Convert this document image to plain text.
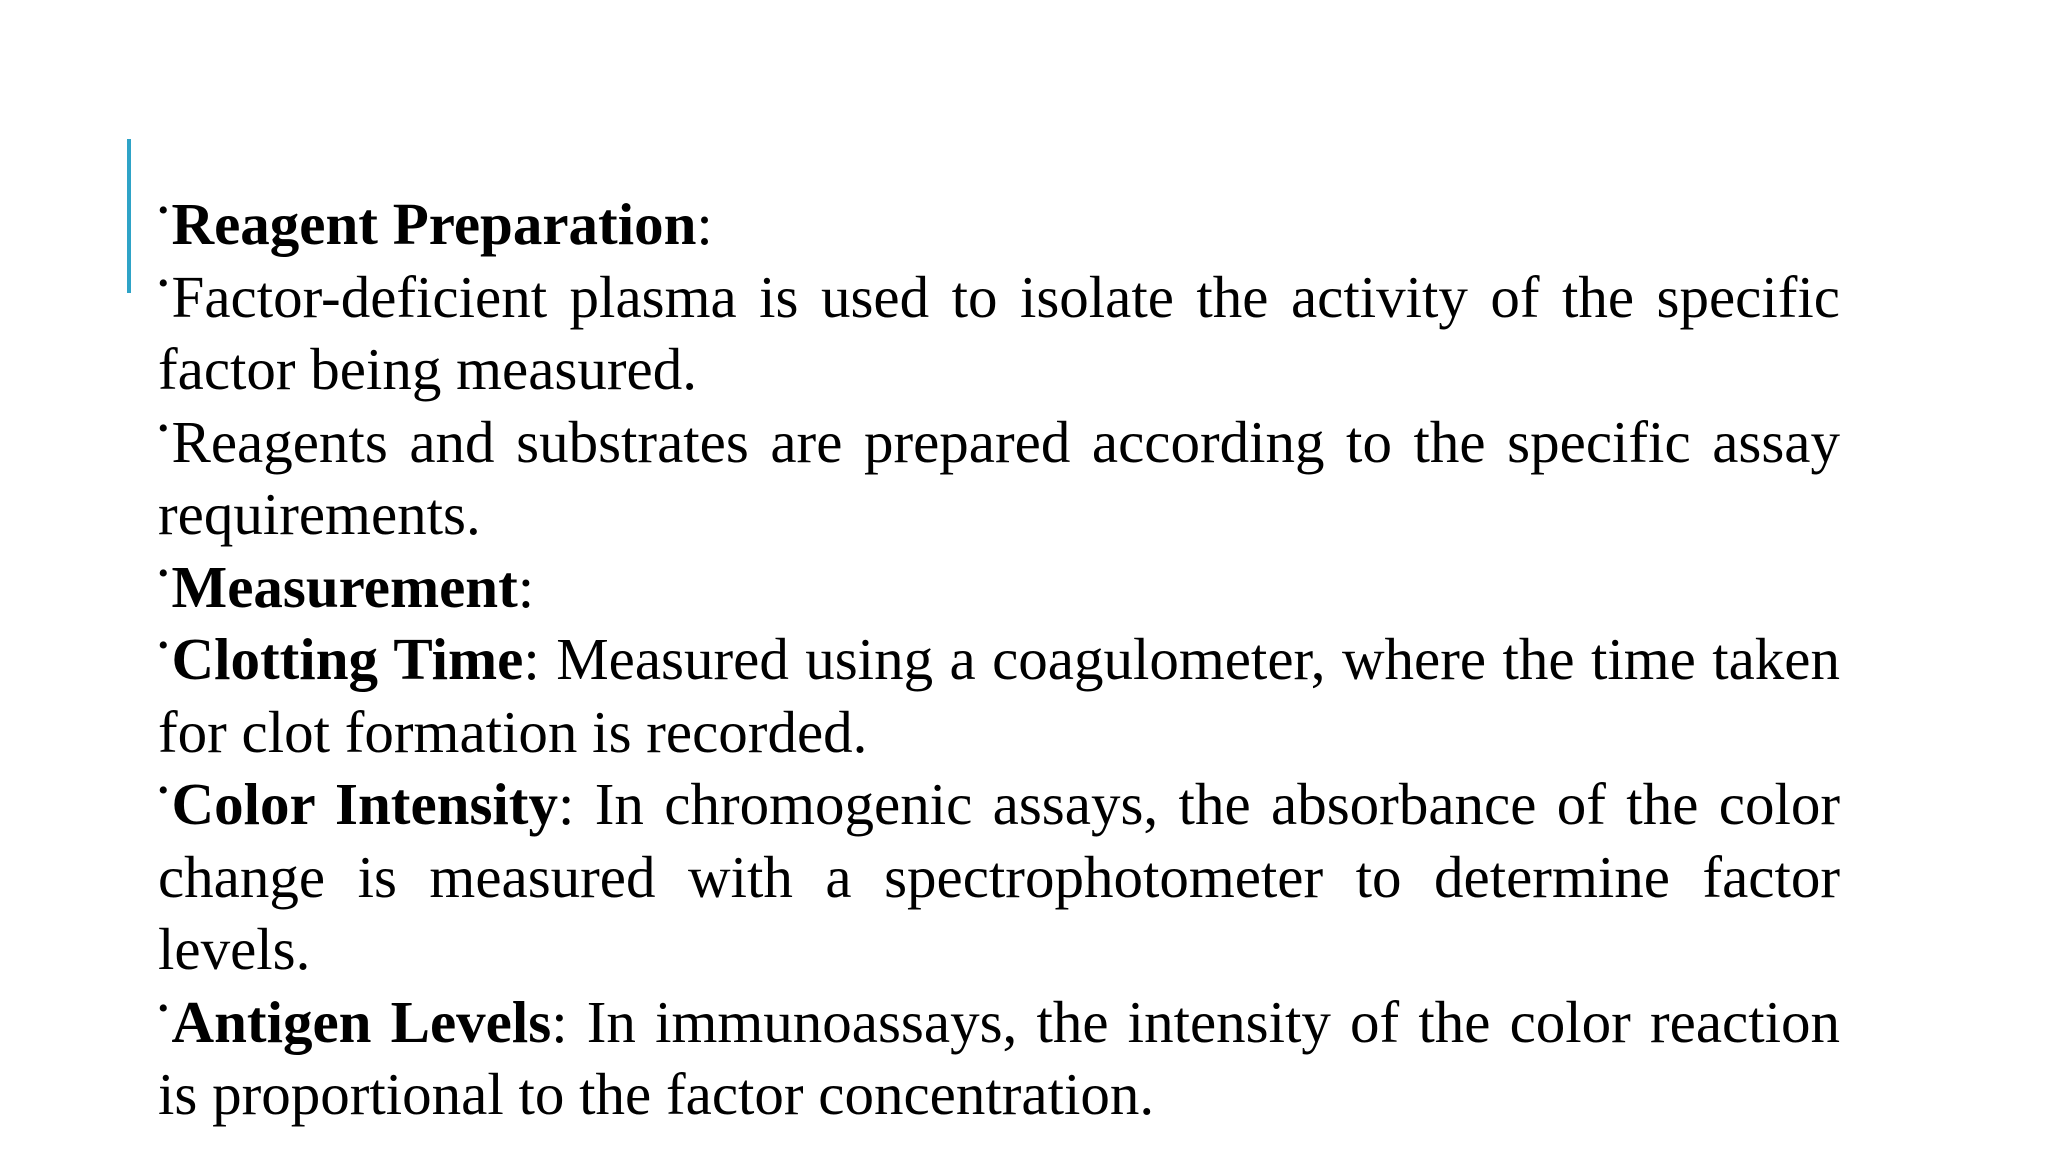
•Reagent Preparation:

•Factor-deficient plasma is used to isolate the activity of the specific factor being measured.

•Reagents and substrates are prepared according to the specific assay requirements.

•Measurement:

•Clotting Time: Measured using a coagulometer, where the time taken for clot formation is recorded.

•Color Intensity: In chromogenic assays, the absorbance of the color change is measured with a spectrophotometer to determine factor levels.

•Antigen Levels: In immunoassays, the intensity of the color reaction is proportional to the factor concentration.
